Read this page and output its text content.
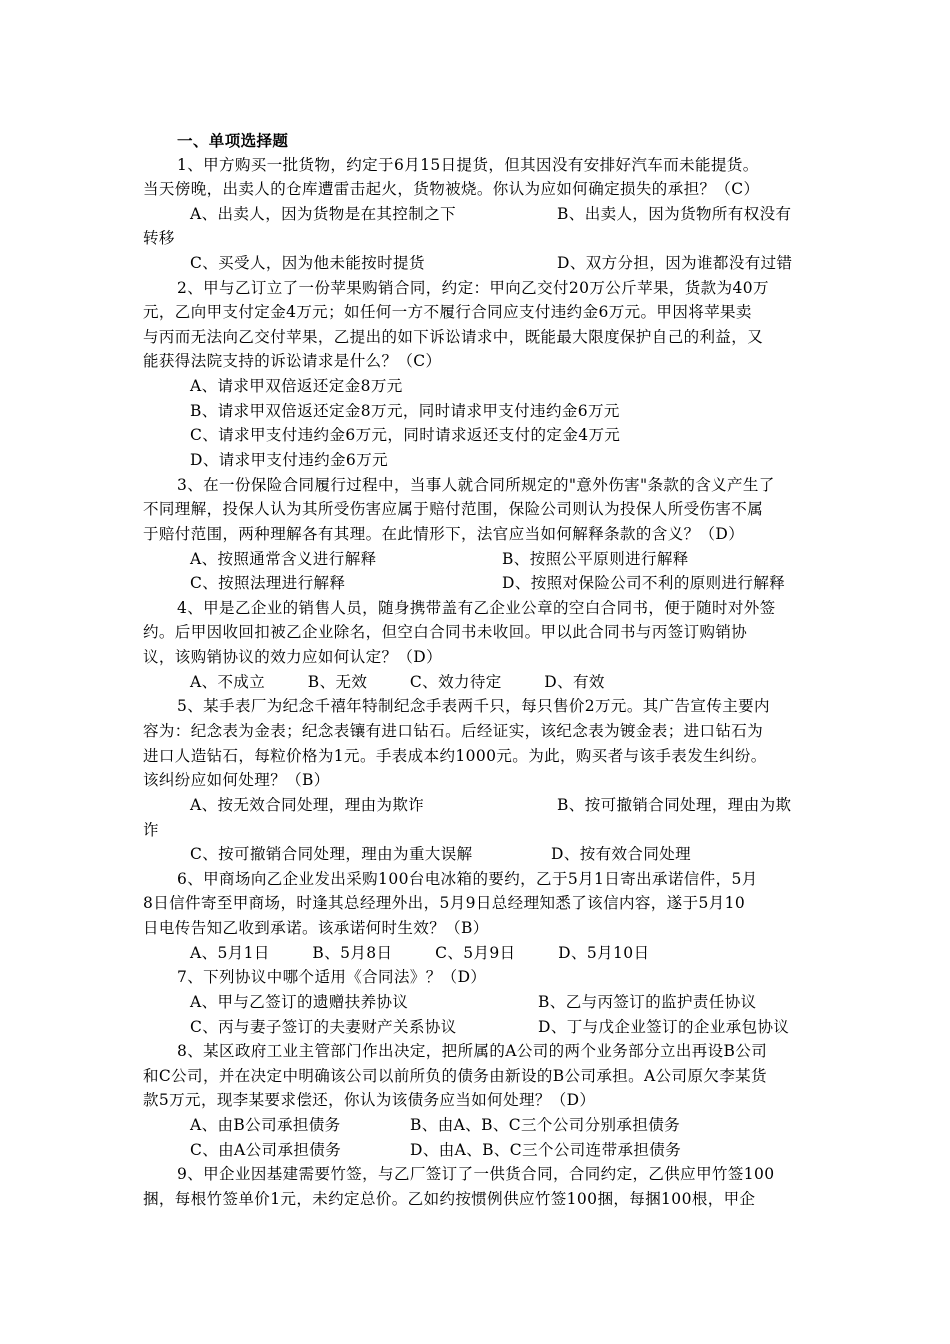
一、单项选择题
1、甲方购买一批货物，约定于6月15日提货，但其因没有安排好汽车而未能提货。
当天傍晚，出卖人的仓库遭雷击起火，货物被烧。你认为应如何确定损失的承担？（C）
A、出卖人，因为货物是在其控制之下	B、出卖人，因为货物所有权没有
转移
C、买受人，因为他未能按时提货	D、双方分担，因为谁都没有过错
2、甲与乙订立了一份苹果购销合同，约定：甲向乙交付20万公斤苹果，货款为40万
元，乙向甲支付定金4万元；如任何一方不履行合同应支付违约金6万元。甲因将苹果卖
与丙而无法向乙交付苹果，乙提出的如下诉讼请求中，既能最大限度保护自己的利益，又
能获得法院支持的诉讼请求是什么？（C）
A、请求甲双倍返还定金8万元
B、请求甲双倍返还定金8万元，同时请求甲支付违约金6万元
C、请求甲支付违约金6万元，同时请求返还支付的定金4万元
D、请求甲支付违约金6万元
3、在一份保险合同履行过程中，当事人就合同所规定的"意外伤害"条款的含义产生了
不同理解，投保人认为其所受伤害应属于赔付范围，保险公司则认为投保人所受伤害不属
于赔付范围，两种理解各有其理。在此情形下，法官应当如何解释条款的含义？（D）
A、按照通常含义进行解释	B、按照公平原则进行解释
C、按照法理进行解释	D、按照对保险公司不利的原则进行解释
4、甲是乙企业的销售人员，随身携带盖有乙企业公章的空白合同书，便于随时对外签
约。后甲因收回扣被乙企业除名，但空白合同书未收回。甲以此合同书与丙签订购销协
议，该购销协议的效力应如何认定？（D）
A、不成立        B、无效        C、效力待定        D、有效
5、某手表厂为纪念千禧年特制纪念手表两千只，每只售价2万元。其广告宣传主要内
容为：纪念表为金表；纪念表镶有进口钻石。后经证实，该纪念表为镀金表；进口钻石为
进口人造钻石，每粒价格为1元。手表成本约1000元。为此，购买者与该手表发生纠纷。
该纠纷应如何处理？（B）
A、按无效合同处理，理由为欺诈	B、按可撤销合同处理，理由为欺
诈
C、按可撤销合同处理，理由为重大误解	D、按有效合同处理
6、甲商场向乙企业发出采购100台电冰箱的要约，乙于5月1日寄出承诺信件，5月
8日信件寄至甲商场，时逢其总经理外出，5月9日总经理知悉了该信内容，遂于5月10
日电传告知乙收到承诺。该承诺何时生效？（B）
A、5月1日        B、5月8日        C、5月9日        D、5月10日
7、下列协议中哪个适用《合同法》？（D）
A、甲与乙签订的遗赠扶养协议	B、乙与丙签订的监护责任协议
C、丙与妻子签订的夫妻财产关系协议	D、丁与戊企业签订的企业承包协议
8、某区政府工业主管部门作出决定，把所属的A公司的两个业务部分立出再设B公司
和C公司，并在决定中明确该公司以前所负的债务由新设的B公司承担。A公司原欠李某货
款5万元，现李某要求偿还，你认为该债务应当如何处理？（D）
A、由B公司承担债务	B、由A、B、C三个公司分别承担债务
C、由A公司承担债务	D、由A、B、C三个公司连带承担债务
9、甲企业因基建需要竹签，与乙厂签订了一供货合同，合同约定，乙供应甲竹签100
捆，每根竹签单价1元，未约定总价。乙如约按惯例供应竹签100捆，每捆100根，甲企
